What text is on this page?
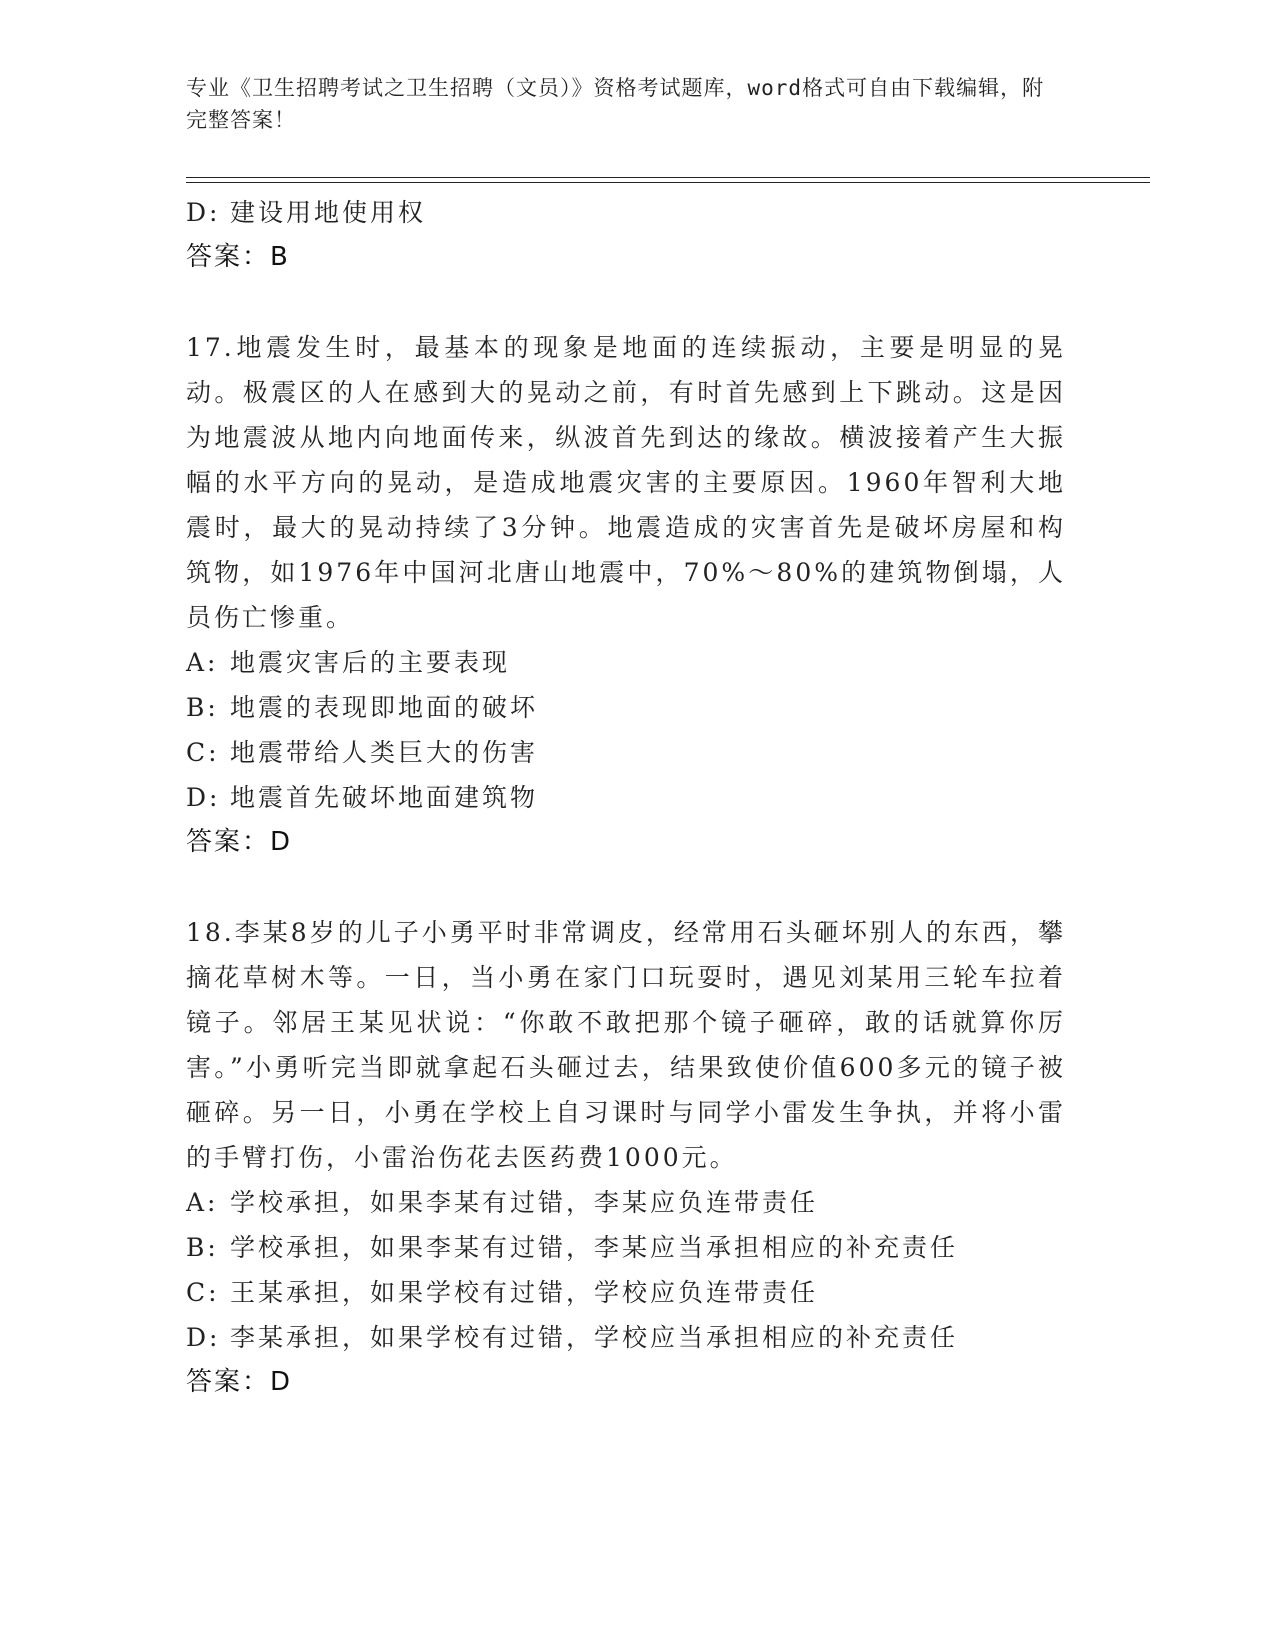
专业《卫生招聘考试之卫生招聘（文员）》资格考试题库，word格式可自由下载编辑，附完整答案！
D: 建设用地使用权
答案：B
17.地震发生时，最基本的现象是地面的连续振动，主要是明显的晃动。极震区的人在感到大的晃动之前，有时首先感到上下跳动。这是因为地震波从地内向地面传来，纵波首先到达的缘故。横波接着产生大振幅的水平方向的晃动，是造成地震灾害的主要原因。1960年智利大地震时，最大的晃动持续了3分钟。地震造成的灾害首先是破坏房屋和构筑物，如1976年中国河北唐山地震中，70%～80%的建筑物倒塌，人员伤亡惨重。
A: 地震灾害后的主要表现
B: 地震的表现即地面的破坏
C: 地震带给人类巨大的伤害
D: 地震首先破坏地面建筑物
答案：D
18.李某8岁的儿子小勇平时非常调皮，经常用石头砸坏别人的东西，攀摘花草树木等。一日，当小勇在家门口玩耍时，遇见刘某用三轮车拉着镜子。邻居王某见状说：“你敢不敢把那个镜子砸碎，敢的话就算你厉害。”小勇听完当即就拿起石头砸过去，结果致使价值600多元的镜子被砸碎。另一日，小勇在学校上自习课时与同学小雷发生争执，并将小雷的手臂打伤，小雷治伤花去医药费1000元。
A: 学校承担，如果李某有过错，李某应负连带责任
B: 学校承担，如果李某有过错，李某应当承担相应的补充责任
C: 王某承担，如果学校有过错，学校应负连带责任
D: 李某承担，如果学校有过错，学校应当承担相应的补充责任
答案：D
